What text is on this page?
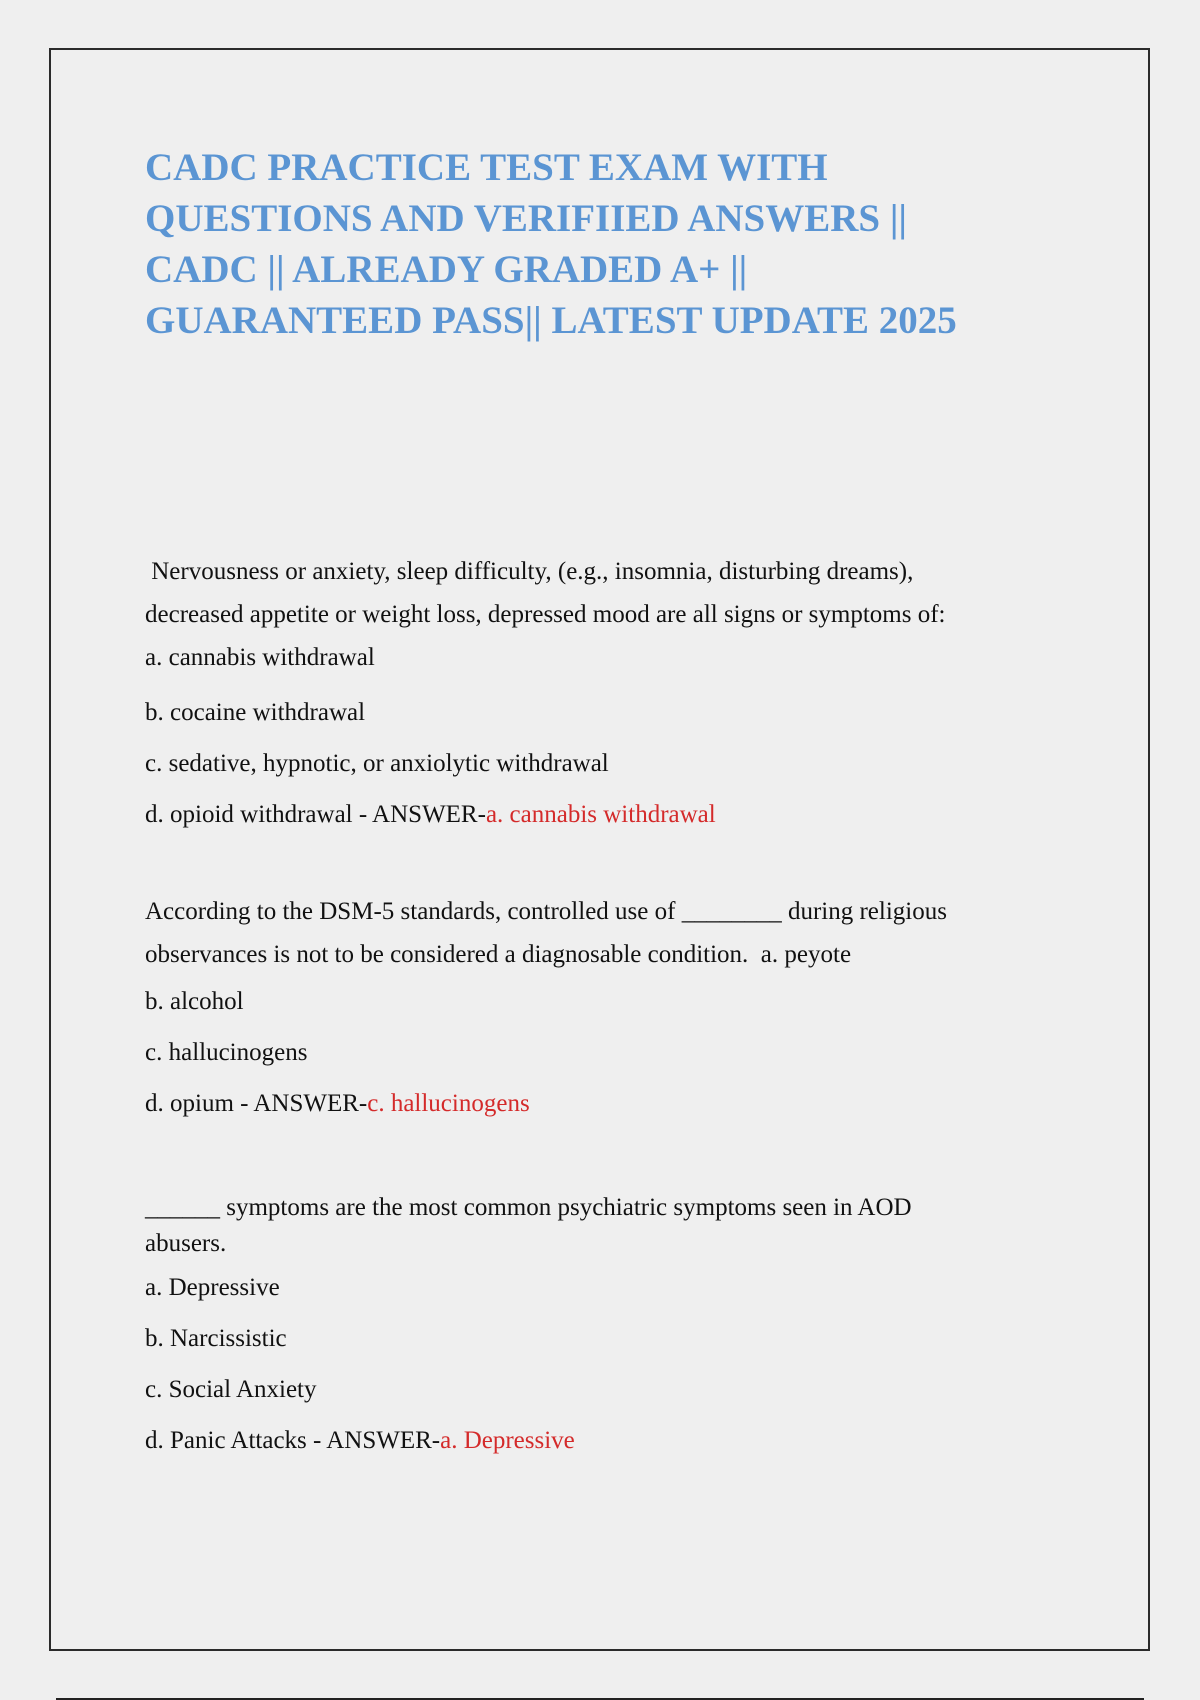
CADC PRACTICE TEST EXAM WITH
QUESTIONS AND VERIFIIED ANSWERS ||
CADC || ALREADY GRADED A+ ||
GUARANTEED PASS|| LATEST UPDATE 2025

Nervousness or anxiety, sleep difficulty, (e.g., insomnia, disturbing dreams),
decreased appetite or weight loss, depressed mood are all signs or symptoms of:

a. cannabis withdrawal

b. cocaine withdrawal

c. sedative, hypnotic, or anxiolytic withdrawal

d. opioid withdrawal - ANSWER-a. cannabis withdrawal

According to the DSM-5 standards, controlled use of ________ during religious
observances is not to be considered a diagnosable condition.  a. peyote

b. alcohol

c. hallucinogens

d. opium - ANSWER-c. hallucinogens

______ symptoms are the most common psychiatric symptoms seen in AOD
abusers.

a. Depressive

b. Narcissistic

c. Social Anxiety

d. Panic Attacks - ANSWER-a. Depressive
